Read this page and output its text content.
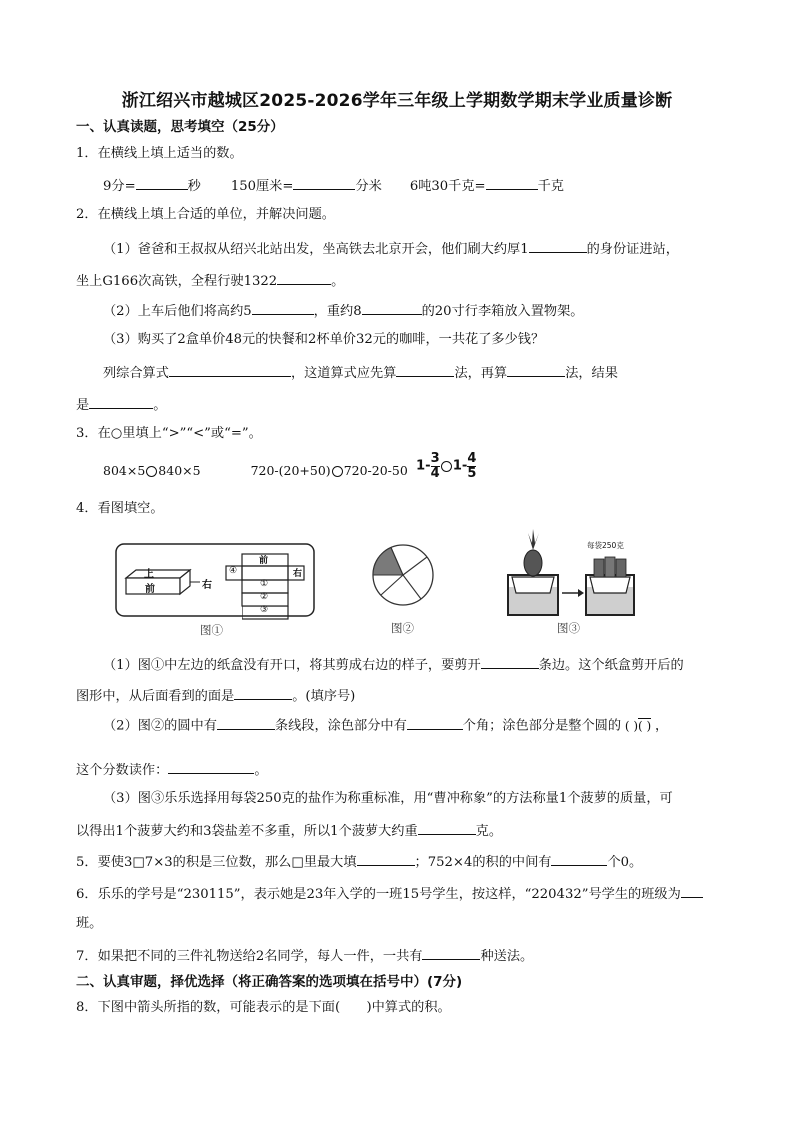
浙江绍兴市越城区2025-2026学年三年级上学期数学期末学业质量诊断
一、认真读题，思考填空（25分）
1．在横线上填上适当的数。
9分=	秒 150厘米=	分米 6吨30千克=	千克
2．在横线上填上合适的单位，并解决问题。
（1）爸爸和王叔叔从绍兴北站出发，坐高铁去北京开会，他们刷大约厚1	的身份证进站，
坐上G166次高铁，全程行驶1322	。
（2）上车后他们将高约5	，重约8	的20寸行李箱放入置物架。
（3）购买了2盒单价48元的快餐和2杯单价32元的咖啡，一共花了多少钱？
列综合算式	，这道算式应先算	法，再算	法，结果
是	。
3．在○里填上“>”“<”或“=”。
804×5 840×5	720-(20+50) 720-20-50 $1- \frac{3}{4} 1- \frac{4}{5}$
4．看图填空。
上
前	右
前
④	右
①
②
③
图①	图②
每袋250克
图③
（1）图①中左边的纸盒没有开口，将其剪成右边的样子，要剪开	条边。这个纸盒剪开后的
图形中，从后面看到的面是	。(填序号)
（2）图②的圆中有	条线段，涂色部分中有	个角；涂色部分是整个圆的 ( )( ) ，
这个分数读作：	。
（3）图③乐乐选择用每袋250克的盐作为称重标准，用“曹冲称象”的方法称量1个菠萝的质量，可
以得出1个菠萝大约和3袋盐差不多重，所以1个菠萝大约重	克。
5．要使3□7×3的积是三位数，那么□里最大填	；752×4的积的中间有	个0。
6．乐乐的学号是“230115”，表示她是23年入学的一班15号学生，按这样，“220432”号学生的班级为
班。
7．如果把不同的三件礼物送给2名同学，每人一件，一共有	种送法。
二、认真审题，择优选择（将正确答案的选项填在括号中）(7分)
8．下图中箭头所指的数，可能表示的是下面(　　)中算式的积。
